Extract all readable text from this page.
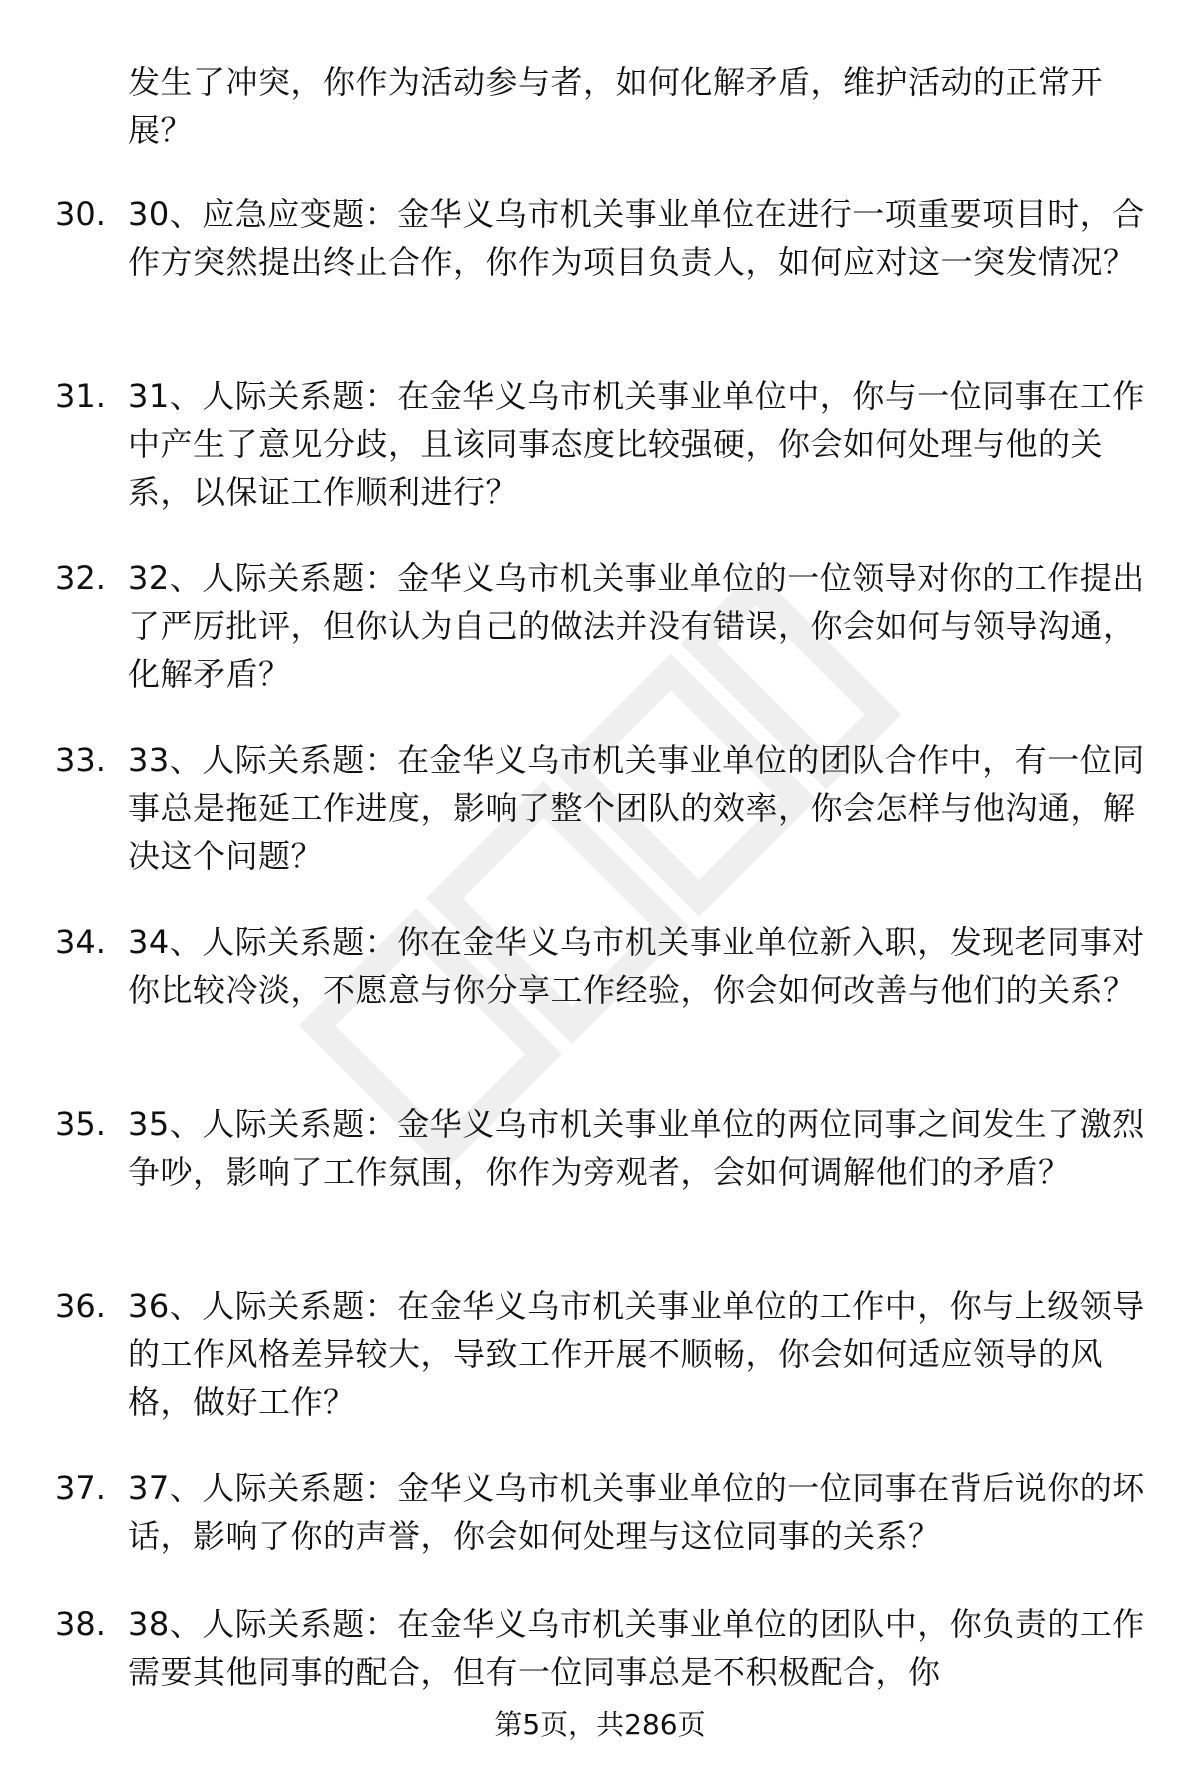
发生了冲突，你作为活动参与者，如何化解矛盾，维护活动的正常开展？
30. 30、应急应变题：金华义乌市机关事业单位在进行一项重要项目时，合作方突然提出终止合作，你作为项目负责人，如何应对这一突发情况？
31. 31、人际关系题：在金华义乌市机关事业单位中，你与一位同事在工作中产生了意见分歧，且该同事态度比较强硬，你会如何处理与他的关系，以保证工作顺利进行？
32. 32、人际关系题：金华义乌市机关事业单位的一位领导对你的工作提出了严厉批评，但你认为自己的做法并没有错误，你会如何与领导沟通，化解矛盾？
33. 33、人际关系题：在金华义乌市机关事业单位的团队合作中，有一位同事总是拖延工作进度，影响了整个团队的效率，你会怎样与他沟通，解决这个问题？
34. 34、人际关系题：你在金华义乌市机关事业单位新入职，发现老同事对你比较冷淡，不愿意与你分享工作经验，你会如何改善与他们的关系？
35. 35、人际关系题：金华义乌市机关事业单位的两位同事之间发生了激烈争吵，影响了工作氛围，你作为旁观者，会如何调解他们的矛盾？
36. 36、人际关系题：在金华义乌市机关事业单位的工作中，你与上级领导的工作风格差异较大，导致工作开展不顺畅，你会如何适应领导的风格，做好工作？
37. 37、人际关系题：金华义乌市机关事业单位的一位同事在背后说你的坏话，影响了你的声誉，你会如何处理与这位同事的关系？
38. 38、人际关系题：在金华义乌市机关事业单位的团队中，你负责的工作需要其他同事的配合，但有一位同事总是不积极配合，你
第5页，共286页
